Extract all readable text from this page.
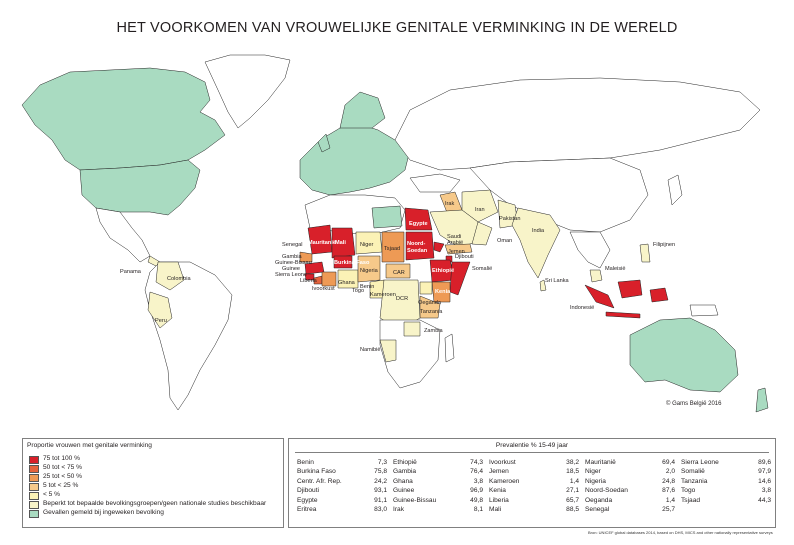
HET VOORKOMEN VAN VROUWELIJKE GENITALE VERMINKING IN DE WERELD
Egypte
Mali
Mauritanië	Noord-
Soedan
Burkina Faso
Ethiopië
Kenia
Niger
Tsjaad
Nigeria	CAR
DCR
Oeganda
Tanzania
Somalië
Djibouti
Senegal
Gambia
Guinee-Bissau
Guinee
Sierra Leone
Liberia
Ivoorkust
Ghana
Togo
Benin
Kameroen
Saudi
Arabië
Jemen
Oman
Iran
Irak
Pakistan
India
Sri Lanka
Maleisië
Indonesië
Filipijnen
Colombia
Panama
Peru
Namibië
Zambia
© Gams België 2016
Proportie vrouwen met genitale verminking
75 tot 100 %
50 tot < 75 %
25 tot < 50 %
5 tot < 25 %
< 5 %
Beperkt tot bepaalde bevolkingsgroepen/geen nationale studies beschikbaar
Gevallen gemeld bij ingeweken bevolking
Prevalentie % 15-49 jaar
Benin	7,3
Burkina Faso	75,8
Centr. Afr. Rep.	24,2
Djibouti	93,1
Egypte	91,1
Eritrea	83,0
Ethiopië	74,3
Gambia	76,4
Ghana	3,8
Guinee	96,9
Guinee-Bissau	49,8
Irak	8,1
Ivoorkust	38,2
Jemen	18,5
Kameroen	1,4
Kenia	27,1
Liberia	65,7
Mali	88,5
Mauritanië	69,4
Niger	2,0
Nigeria	24,8
Noord-Soedan	87,6
Oeganda	1,4
Senegal	25,7
Sierra Leone	89,6
Somalië	97,9
Tanzania	14,6
Togo	3,8
Tsjaad	44,3
Bron: UNICEF global databases 2014, based on DHS, MICS and other nationally representative surveys
